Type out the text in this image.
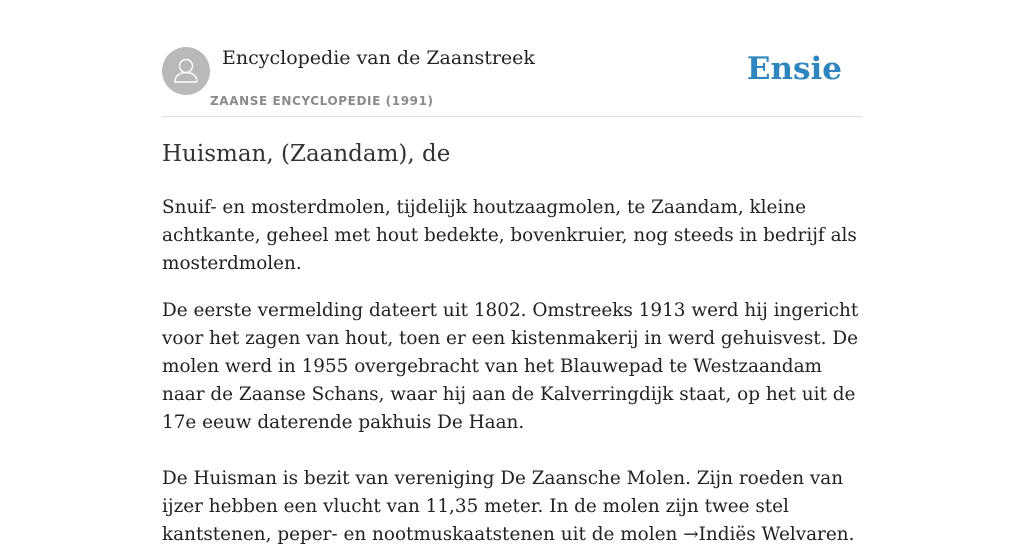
Encyclopedie van de Zaanstreek
ZAANSE ENCYCLOPEDIE (1991)
Ensie
Huisman, (Zaandam), de

Snuif- en mosterdmolen, tijdelijk houtzaagmolen, te Zaandam, kleine achtkante, geheel met hout bedekte, bovenkruier, nog steeds in bedrijf als mosterdmolen.

De eerste vermelding dateert uit 1802. Omstreeks 1913 werd hij ingericht voor het zagen van hout, toen er een kistenmakerij in werd gehuisvest. De molen werd in 1955 overgebracht van het Blauwepad te Westzaandam naar de Zaanse Schans, waar hij aan de Kalverringdijk staat, op het uit de 17e eeuw daterende pakhuis De Haan.

De Huisman is bezit van vereniging De Zaansche Molen. Zijn roeden van ijzer hebben een vlucht van 11,35 meter. In de molen zijn twee stel kantstenen, peper- en nootmuskaatstenen uit de molen →Indiës Welvaren.
